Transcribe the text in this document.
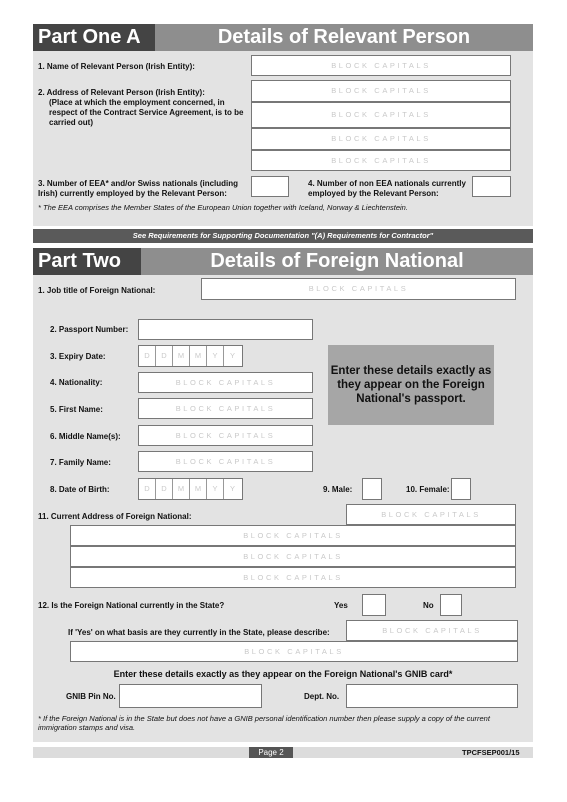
Part One A	Details of Relevant Person
1. Name of Relevant Person (Irish Entity):	BLOCK CAPITALS
2. Address of Relevant Person (Irish Entity):
(Place at which the employment concerned, in respect of the Contract Service Agreement, is to be carried out)
BLOCK CAPITALS
BLOCK CAPITALS
BLOCK CAPITALS
BLOCK CAPITALS
3. Number of EEA* and/or Swiss nationals (including Irish) currently employed by the Relevant Person:
4. Number of non EEA nationals currently employed by the Relevant Person:
* The EEA comprises the Member States of the European Union together with Iceland, Norway & Liechtenstein.
See Requirements for Supporting Documentation "(A) Requirements for Contractor"
Part Two	Details of Foreign National
1. Job title of Foreign National:	BLOCK CAPITALS
2. Passport Number:
3. Expiry Date:	D	D	M	M	Y	Y
4. Nationality:	BLOCK CAPITALS
5. First Name:	BLOCK CAPITALS
6. Middle Name(s):	BLOCK CAPITALS
7. Family Name:	BLOCK CAPITALS
Enter these details exactly as they appear on the Foreign National's passport.
8. Date of Birth:	D	D	M	M	Y	Y	9. Male:	10. Female:
11. Current Address of Foreign National:	BLOCK CAPITALS
BLOCK CAPITALS
BLOCK CAPITALS
BLOCK CAPITALS
12. Is the Foreign National currently in the State?	Yes	No
If 'Yes' on what basis are they currently in the State, please describe:	BLOCK CAPITALS
BLOCK CAPITALS
Enter these details exactly as they appear on the Foreign National's GNIB card*
GNIB Pin No.	Dept. No.
* If the Foreign National is in the State but does not have a GNIB personal identification number then please supply a copy of the current immigration stamps and visa.
Page 2	TPCFSEP001/15
